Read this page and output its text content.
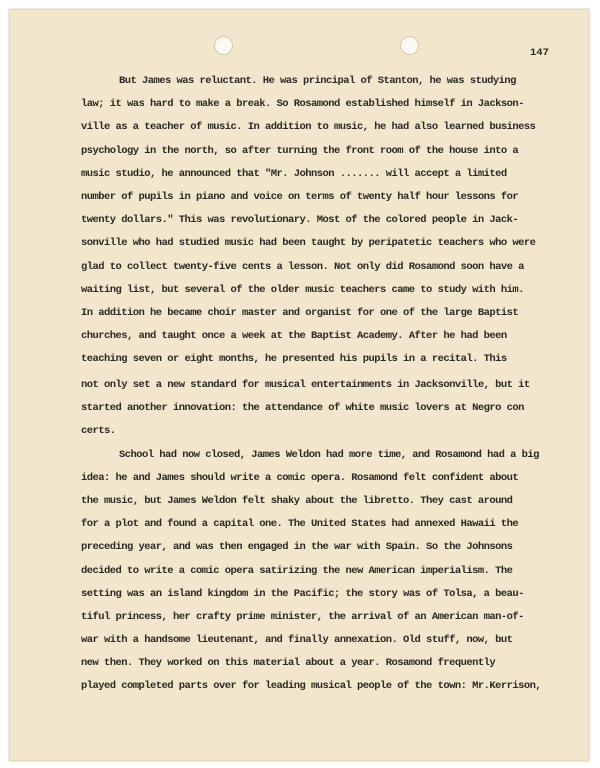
147
But James was reluctant. He was principal of Stanton, he was studying
law; it was hard to make a break. So Rosamond established himself in Jackson-
ville as a teacher of music. In addition to music, he had also learned business
psychology in the north, so after turning the front room of the house into a
music studio, he announced that "Mr. Johnson ....... will accept a limited
number of pupils in piano and voice on terms of twenty half hour lessons for
twenty dollars." This was revolutionary. Most of the colored people in Jack-
sonville who had studied music had been taught by peripatetic teachers who were
glad to collect twenty-five cents a lesson. Not only did Rosamond soon have a
waiting list, but several of the older music teachers came to study with him.
In addition he became choir master and organist for one of the large Baptist
churches, and taught once a week at the Baptist Academy. After he had been
teaching seven or eight months, he presented his pupils in a recital. This
not only set a new standard for musical entertainments in Jacksonville, but it
started another innovation: the attendance of white music lovers at Negro con
certs.
School had now closed, James Weldon had more time, and Rosamond had a big
idea: he and James should write a comic opera. Rosamond felt confident about
the music, but James Weldon felt shaky about the libretto. They cast around
for a plot and found a capital one. The United States had annexed Hawaii the
preceding year, and was then engaged in the war with Spain. So the Johnsons
decided to write a comic opera satirizing the new American imperialism. The
setting was an island kingdom in the Pacific; the story was of Tolsa, a beau-
tiful princess, her crafty prime minister, the arrival of an American man-of-
war with a handsome lieutenant, and finally annexation. Old stuff, now, but
new then. They worked on this material about a year. Rosamond frequently
played completed parts over for leading musical people of the town: Mr.Kerrison,
